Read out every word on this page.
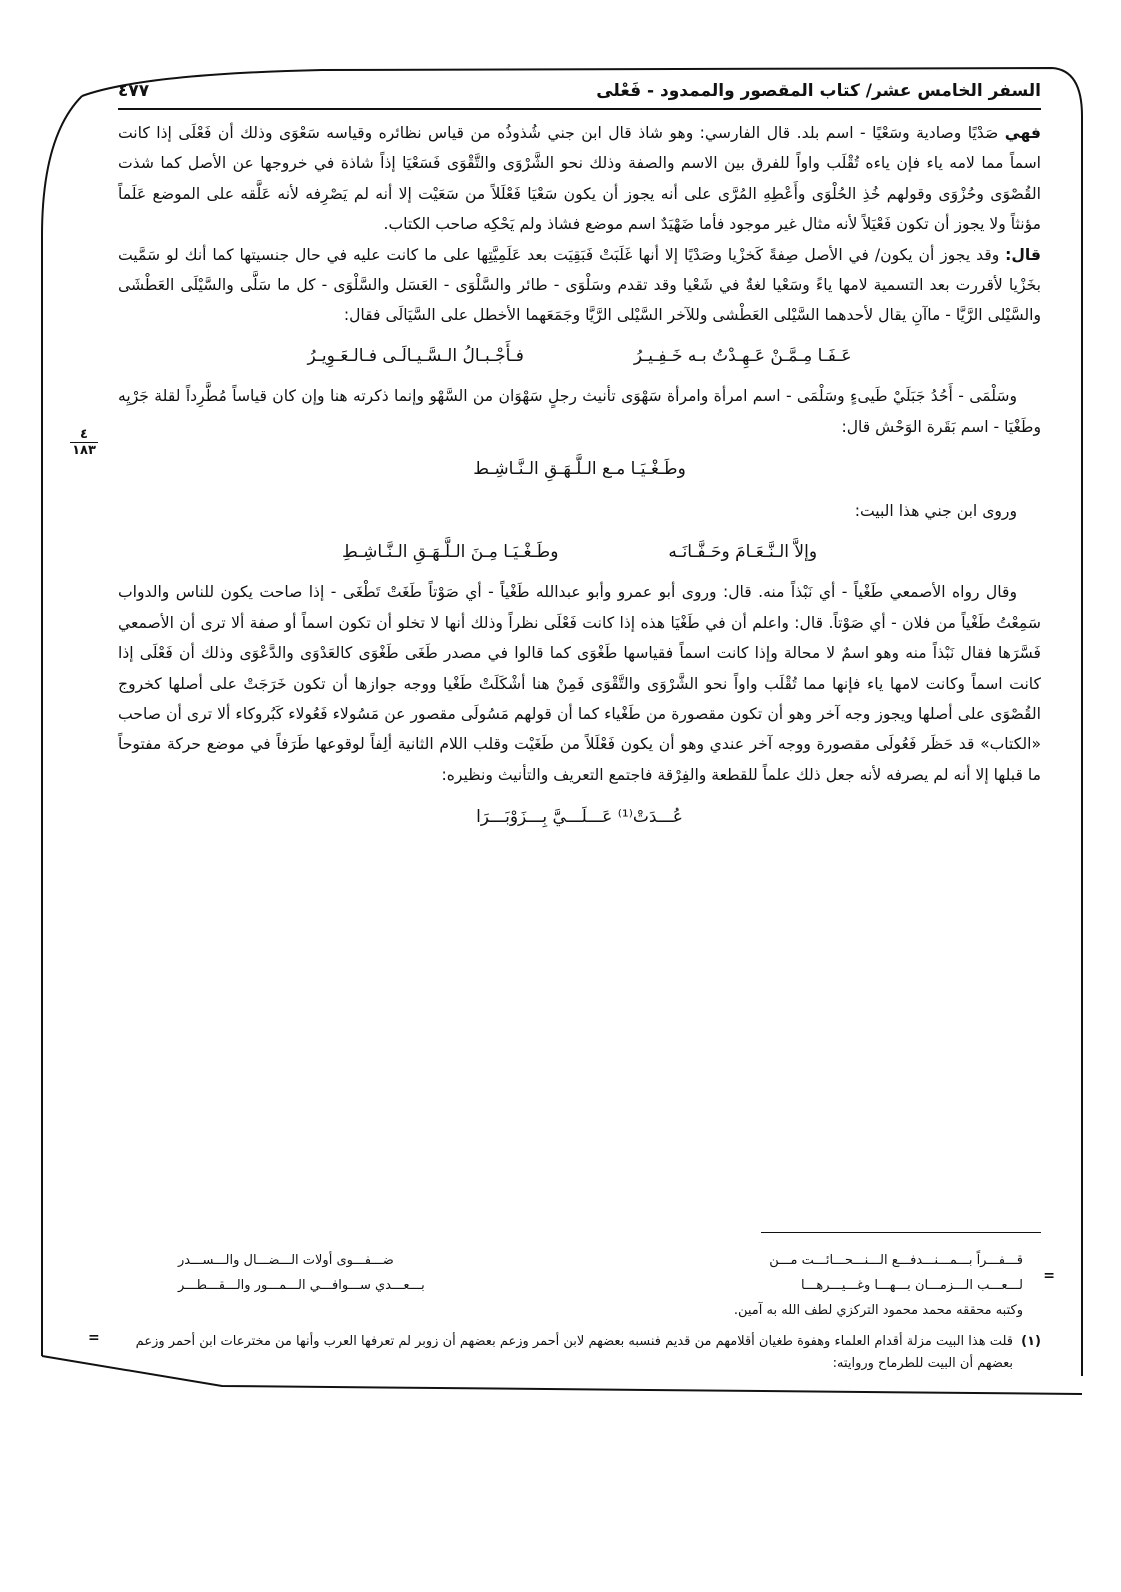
السفر الخامس عشر/ كتاب المقصور والممدود - فَعْلى
٤٧٧
٤
١٨٣

فهي صَدْيًا وصادية وسَعْيًا - اسم بلد. قال الفارسي: وهو شاذ قال ابن جني شُذوذُه من قياس نظائره وقياسه سَعْوَى وذلك أن فَعْلَى إذا كانت اسماً مما لامه ياء فإن ياءه تُقْلَب واواً للفرق بين الاسم والصفة وذلك نحو الشَّرْوَى والتَّقْوَى فَسَعْيَا إذاً شاذة في خروجها عن الأصل كما شذت القُصْوَى وحُزْوَى وقولهم خُذِ الحُلْوَى وأَعْطِهِ المُرَّى على أنه يجوز أن يكون سَعْيَا فَعْلَلاً من سَعَيْت إلا أنه لم يَصْرِفه لأنه عَلَّقه على الموضع عَلَماً مؤنثاً ولا يجوز أن تكون فَعْيَلاً لأنه مثال غير موجود فأما ضَهْيَدٌ اسم موضع فشاذ ولم يَحْكِه صاحب الكتاب.

قال: وقد يجوز أن يكون/ في الأصل صِفةً كَخزْيا وصَدْيًا إلا أنها غَلَبَتْ فَبَقِيَت بعد عَلَمِيَّتِها على ما كانت عليه في حال جنسيتها كما أنك لو سَمَّيت بخَزْيا لأقررت بعد التسمية لامها ياءً وسَعْيا لغةٌ في شَعْيا وقد تقدم وسَلْوَى - طائر والسَّلْوَى - العَسَل والسَّلْوَى - كل ما سَلَّى والسَّيْلَى العَطْشَى والسَّيْلى الرَّيَّا - ماآنِ يقال لأحدهما السَّيْلى العَطْشى وللآخر السَّيْلى الرَّيَّا وجَمَعَهما الأخطل على السَّيَالَى فقال:

عَـفَـا مِـمَّـنْ عَـهِـدْتُ بـه خَـفِـيـرُ
فـأَجْـبـالُ الـسَّـيـالَـى فـالـعَـوِيـرُ

وسَلْمَى - أَحُدُ جَبَلَيْ طَيىءٍ وسَلْمَى - اسم امرأة وامرأة سَهْوَى تأنيث رجلٍ سَهْوَان من السَّهْو وإنما ذكرته هنا وإن كان قياساً مُطَّرِداً لقلة جَرْيِه وطَغْيَا - اسم بَقَرة الوَحْش قال:

وطَـغْـيَـا مـع الـلَّـهَـقِ الـنَّـاشِـط

وروى ابن جني هذا البيت:

وإلاَّ الـنَّـعَـامَ وحَـفَّـانَـه
وطَـغْـيَـا مِـنَ الـلَّـهَـقِ الـنَّـاشِـطِ

وقال رواه الأصمعي طَغْياً - أي نَبْذاً منه. قال: وروى أبو عمرو وأبو عبدالله طَغْياً - أي صَوْتاً طَغَتْ تَطْغَى - إذا صاحت يكون للناس والدواب سَمِعْتُ طَغْياً من فلان - أي صَوْتاً. قال: واعلم أن في طَغْيَا هذه إذا كانت فَعْلَى نظراً وذلك أنها لا تخلو أن تكون اسماً أو صفة ألا ترى أن الأصمعي فَسَّرَها فقال نَبْذاً منه وهو اسمٌ لا محالة وإذا كانت اسماً فقياسها طَغْوَى كما قالوا في مصدر طَغَى طَغْوَى كالعَدْوَى والدَّعْوَى وذلك أن فَعْلَى إذا كانت اسماً وكانت لامها ياء فإنها مما تُقْلَب واواً نحو الشَّرْوَى والتَّقْوَى فَمِنْ هنا أشْكَلَتْ طَغْيا ووجه جوازها أن تكون خَرَجَتْ على أصلها كخروج القُصْوَى على أصلها ويجوز وجه آخر وهو أن تكون مقصورة من طَغْياء كما أن قولهم مَسُولَى مقصور عن مَسُولاء فَعُولاء كَبُروكاء ألا ترى أن صاحب «الكتاب» قد حَظَر فَعُولَى مقصورة ووجه آخر عندي وهو أن يكون فَعْلَلاً من طَغَيْت وقلب اللام الثانية ألِفاً لوقوعها طَرَفاً في موضع حركة مفتوحاً ما قبلها إلا أنه لم يصرفه لأنه جعل ذلك علماً للقطعة والفِرْقة فاجتمع التعريف والتأنيث ونظيره:

عُـــدَتْ⁽¹⁾ عَـــلَـــيَّ بِـــزَوْبَـــرَا

قـــفـــراً بـــمـــنـــدفـــع الـــنـــحـــائـــت مـــن
ضـــفـــوى أولات الـــضـــال والـــســـدر
لـــعـــب الـــزمـــان بـــهـــا وغـــيـــرهـــا
بـــعـــدي ســـوافـــي الـــمـــور والـــقـــطـــر
وكتبه محققه محمد محمود التركزي لطف الله به آمين.
(١)
قلت هذا البيت مزلة أقدام العلماء وهفوة طغيان أقلامهم من قديم فنسبه بعضهم لابن أحمر وزعم بعضهم أن زوبر لم تعرفها العرب وأنها من مخترعات ابن أحمر وزعم بعضهم أن البيت للطرماح وروايته:
=
=
